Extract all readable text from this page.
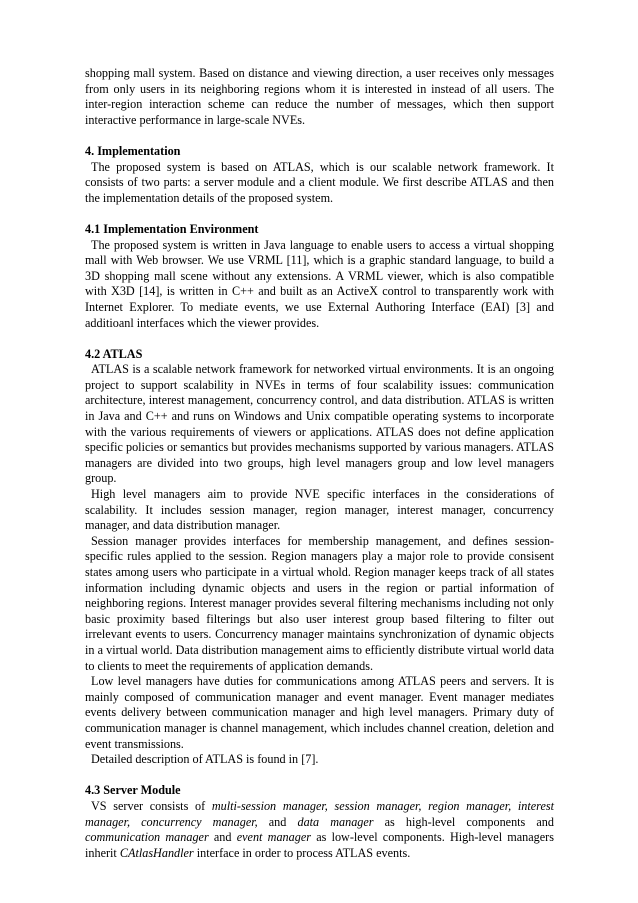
shopping mall system. Based on distance and viewing direction, a user receives only messages from only users in its neighboring regions whom it is interested in instead of all users. The inter-region interaction scheme can reduce the number of messages, which then support interactive performance in large-scale NVEs.

4. Implementation

The proposed system is based on ATLAS, which is our scalable network framework. It consists of two parts: a server module and a client module. We first describe ATLAS and then the implementation details of the proposed system.

4.1 Implementation Environment

The proposed system is written in Java language to enable users to access a virtual shopping mall with Web browser. We use VRML [11], which is a graphic standard language, to build a 3D shopping mall scene without any extensions. A VRML viewer, which is also compatible with X3D [14], is written in C++ and built as an ActiveX control to transparently work with Internet Explorer. To mediate events, we use External Authoring Interface (EAI) [3] and additioanl interfaces which the viewer provides.

4.2 ATLAS

ATLAS is a scalable network framework for networked virtual environments. It is an ongoing project to support scalability in NVEs in terms of four scalability issues: communication architecture, interest management, concurrency control, and data distribution. ATLAS is written in Java and C++ and runs on Windows and Unix compatible operating systems to incorporate with the various requirements of viewers or applications. ATLAS does not define application specific policies or semantics but provides mechanisms supported by various managers. ATLAS managers are divided into two groups, high level managers group and low level managers group.

High level managers aim to provide NVE specific interfaces in the considerations of scalability. It includes session manager, region manager, interest manager, concurrency manager, and data distribution manager.

Session manager provides interfaces for membership management, and defines session-specific rules applied to the session. Region managers play a major role to provide consisent states among users who participate in a virtual whold. Region manager keeps track of all states information including dynamic objects and users in the region or partial information of neighboring regions. Interest manager provides several filtering mechanisms including not only basic proximity based filterings but also user interest group based filtering to filter out irrelevant events to users. Concurrency manager maintains synchronization of dynamic objects in a virtual world. Data distribution management aims to efficiently distribute virtual world data to clients to meet the requirements of application demands.

Low level managers have duties for communications among ATLAS peers and servers. It is mainly composed of communication manager and event manager. Event manager mediates events delivery between communication manager and high level managers. Primary duty of communication manager is channel management, which includes channel creation, deletion and event transmissions.

Detailed description of ATLAS is found in [7].

4.3 Server Module

VS server consists of multi-session manager, session manager, region manager, interest manager, concurrency manager, and data manager as high-level components and communication manager and event manager as low-level components. High-level managers inherit CAtlasHandler interface in order to process ATLAS events.
